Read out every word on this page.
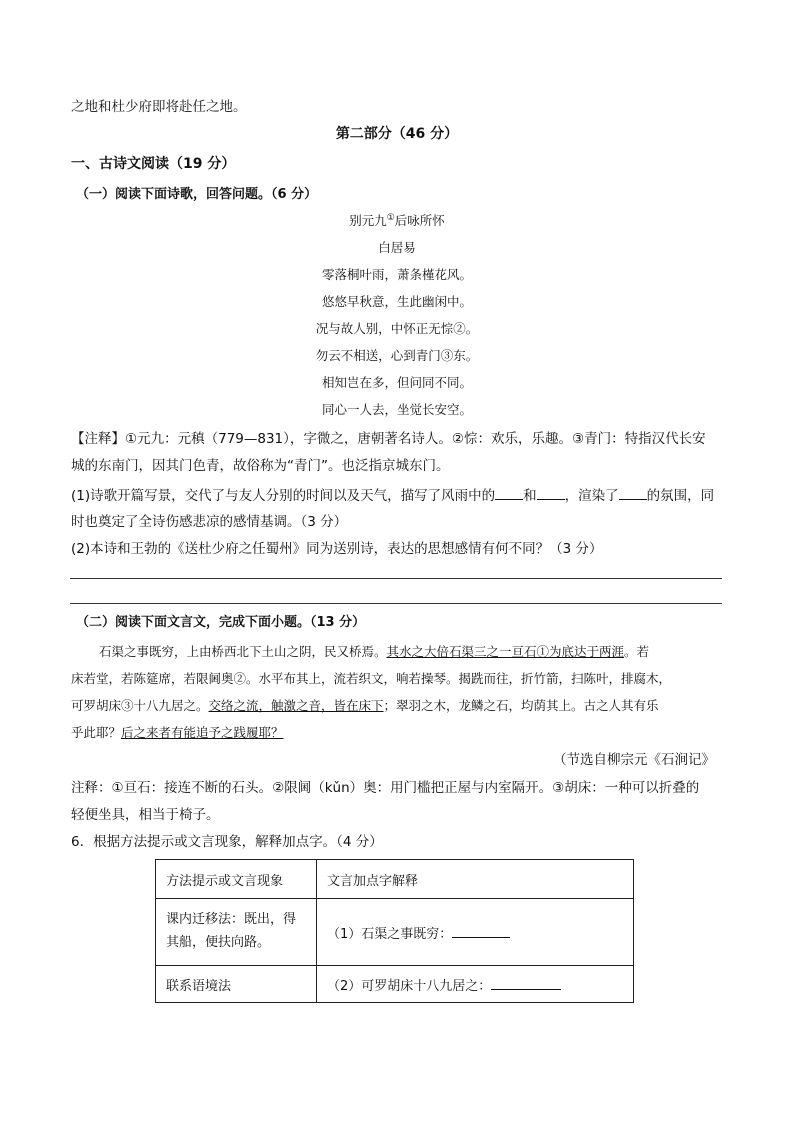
之地和杜少府即将赴任之地。
第二部分（46 分）
一、古诗文阅读（19 分）
（一）阅读下面诗歌，回答问题。（6 分）
别元九①后咏所怀
白居易
零落桐叶雨，萧条槿花风。
悠悠早秋意，生此幽闲中。
况与故人别，中怀正无悰②。
勿云不相送，心到青门③东。
相知岂在多，但问同不同。
同心一人去，坐觉长安空。
【注释】①元九：元稹（779—831），字微之，唐朝著名诗人。②悰：欢乐，乐趣。③青门：特指汉代长安
城的东南门，因其门色青，故俗称为“青门”。也泛指京城东门。
(1)诗歌开篇写景，交代了与友人分别的时间以及天气，描写了风雨中的 和 ，渲染了 的氛围，同
时也奠定了全诗伤感悲凉的感情基调。（3 分）
(2)本诗和王勃的《送杜少府之任蜀州》同为送别诗，表达的思想感情有何不同？（3 分）
（二）阅读下面文言文，完成下面小题。（13 分）
石渠之事既穷，上由桥西北下土山之阴，民又桥焉。其水之大倍石渠三之一亘石①为底达于两涯。若
床若堂，若陈筵席，若限阃奥②。水平布其上，流若织文，响若操琴。揭跣而往，折竹箭，扫陈叶，排腐木，
可罗胡床③十八九居之。交络之流，触激之音，皆在床下；翠羽之木，龙鳞之石，均荫其上。古之人其有乐
乎此耶？后之来者有能追予之践履耶？
（节选自柳宗元《石涧记》
注释：①亘石：接连不断的石头。②限阃（kǔn）奥：用门槛把正屋与内室隔开。③胡床：一种可以折叠的
轻便坐具，相当于椅子。
6．根据方法提示或文言现象，解释加点字。（4 分）
方法提示或文言现象	文言加点字解释
课内迁移法：既出，得
其船，便扶向路。	（1）石渠之事既穷：
联系语境法	（2）可罗胡床十八九居之：
